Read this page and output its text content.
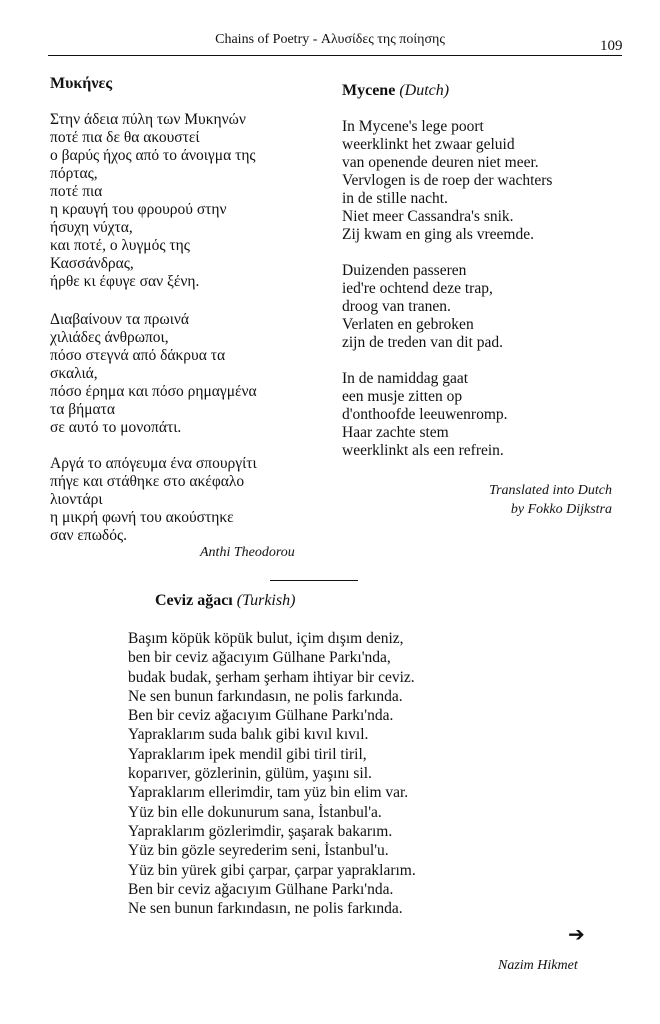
Chains of Poetry - Αλυσίδες της ποίησης	109
Μυκήνες
Στην άδεια πύλη των Μυκηνών
ποτέ πια δε θα ακουστεί
ο βαρύς ήχος από το άνοιγμα της
πόρτας,
ποτέ πια
η κραυγή του φρουρού στην
ήσυχη νύχτα,
και ποτέ, ο λυγμός της
Κασσάνδρας,
ήρθε κι έφυγε σαν ξένη.
Διαβαίνουν τα πρωινά
χιλιάδες άνθρωποι,
πόσο στεγνά από δάκρυα τα
σκαλιά,
πόσο έρημα και πόσο ρημαγμένα
τα βήματα
σε αυτό το μονοπάτι.
Αργά το απόγευμα ένα σπουργίτι
πήγε και στάθηκε στο ακέφαλο
λιοντάρι
η μικρή φωνή του ακούστηκε
σαν επωδός.
Anthi Theodorou
Mycene (Dutch)
In Mycene's lege poort
weerklinkt het zwaar geluid
van openende deuren niet meer.
Vervlogen is de roep der wachters
in de stille nacht.
Niet meer Cassandra's snik.
Zij kwam en ging als vreemde.
Duizenden passeren
ied're ochtend deze trap,
droog van tranen.
Verlaten en gebroken
zijn de treden van dit pad.
In de namiddag gaat
een musje zitten op
d'onthoofde leeuwenromp.
Haar zachte stem
weerklinkt als een refrein.
Translated into Dutch
by Fokko Dijkstra
Ceviz ağacı (Turkish)
Başım köpük köpük bulut, içim dışım deniz,
ben bir ceviz ağacıyım Gülhane Parkı'nda,
budak budak, şerham şerham ihtiyar bir ceviz.
Ne sen bunun farkındasın, ne polis farkında.
Ben bir ceviz ağacıyım Gülhane Parkı'nda.
Yapraklarım suda balık gibi kıvıl kıvıl.
Yapraklarım ipek mendil gibi tiril tiril,
koparıver, gözlerinin, gülüm, yaşını sil.
Yapraklarım ellerimdir, tam yüz bin elim var.
Yüz bin elle dokunurum sana, İstanbul'a.
Yapraklarım gözlerimdir, şaşarak bakarım.
Yüz bin gözle seyrederim seni, İstanbul'u.
Yüz bin yürek gibi çarpar, çarpar yapraklarım.
Ben bir ceviz ağacıyım Gülhane Parkı'nda.
Ne sen bunun farkındasın, ne polis farkında.
➔
Nazim Hikmet
